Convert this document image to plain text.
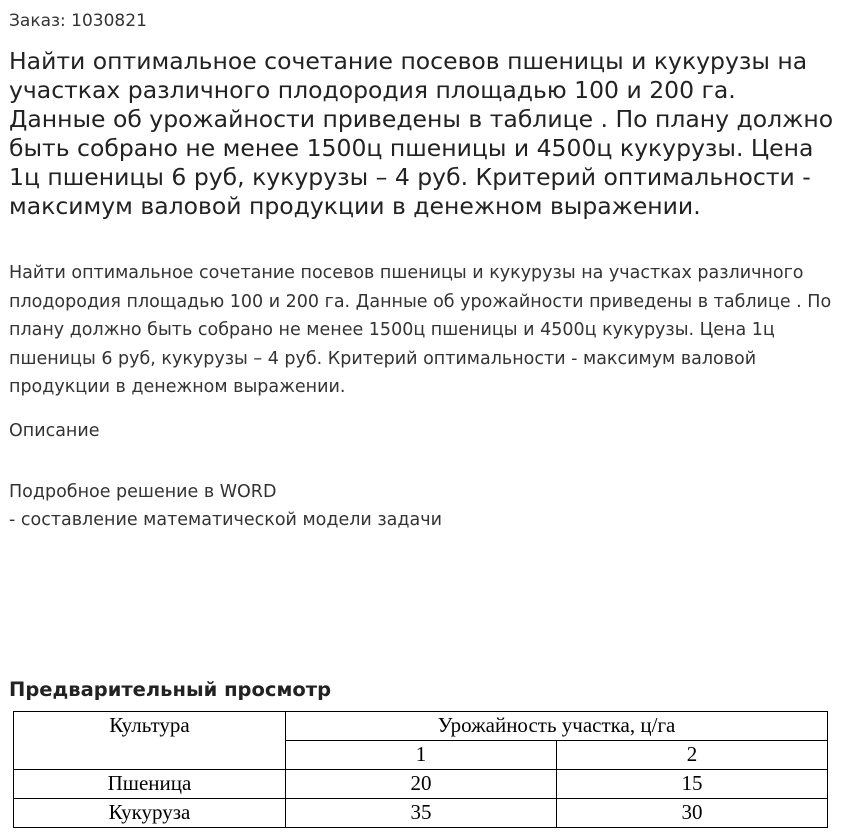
Заказ: 1030821
Найти оптимальное сочетание посевов пшеницы и кукурузы на участках различного плодородия площадью 100 и 200 га. Данные об урожайности приведены в таблице . По плану должно быть собрано не менее 1500ц пшеницы и 4500ц кукурузы. Цена 1ц пшеницы 6 руб, кукурузы – 4 руб. Критерий оптимальности - максимум валовой продукции в денежном выражении.

Найти оптимальное сочетание посевов пшеницы и кукурузы на участках различного плодородия площадью 100 и 200 га. Данные об урожайности приведены в таблице . По плану должно быть собрано не менее 1500ц пшеницы и 4500ц кукурузы. Цена 1ц пшеницы 6 руб, кукурузы – 4 руб. Критерий оптимальности - максимум валовой продукции в денежном выражении.

Описание
Подробное решение в WORD
- составление математической модели задачи
Предварительный просмотр
Культура	Урожайность участка, ц/га	
	1	2
Пшеница	20	15
Кукуруза	35	30
